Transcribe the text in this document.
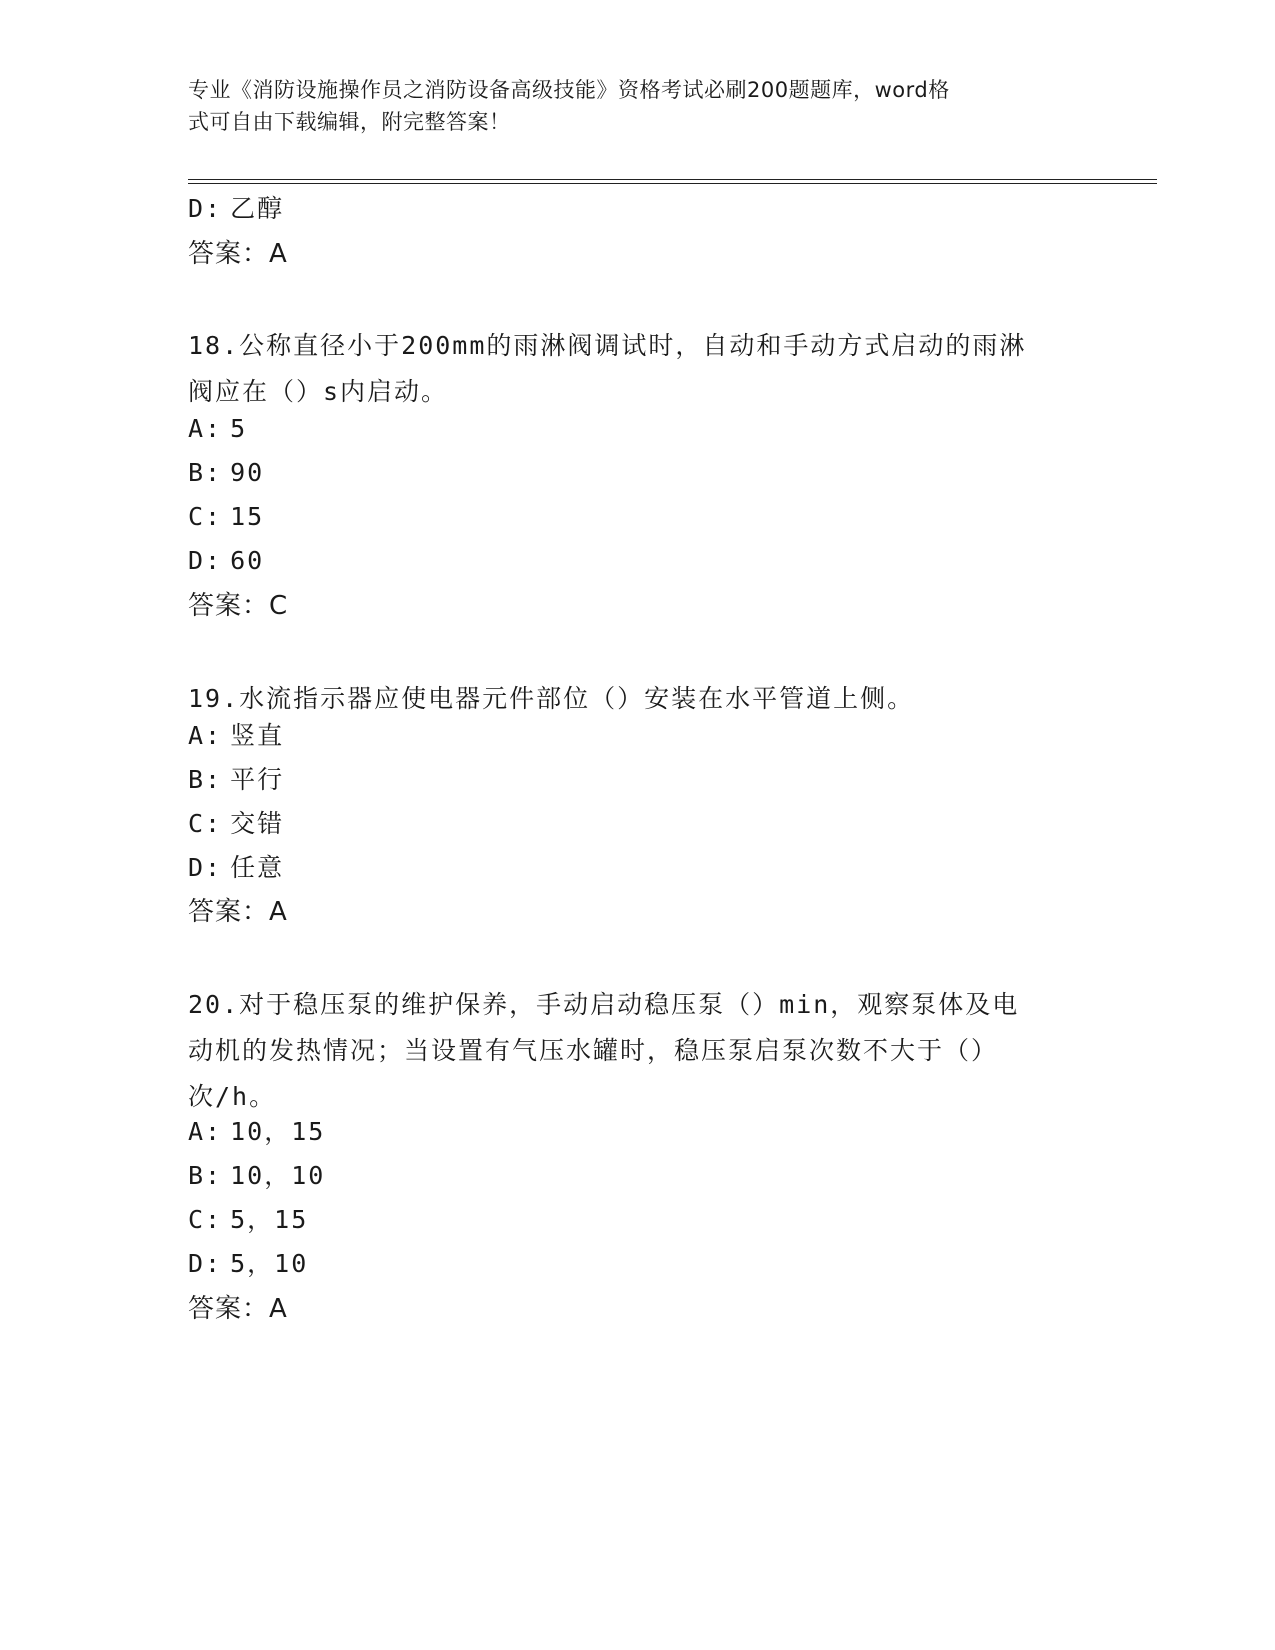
专业《消防设施操作员之消防设备高级技能》资格考试必刷200题题库，word格
式可自由下载编辑，附完整答案！
D: 乙醇
答案：A
18.公称直径小于200mm的雨淋阀调试时，自动和手动方式启动的雨淋
阀应在（）s内启动。
A: 5
B: 90
C: 15
D: 60
答案：C
19.水流指示器应使电器元件部位（）安装在水平管道上侧。
A: 竖直
B: 平行
C: 交错
D: 任意
答案：A
20.对于稳压泵的维护保养，手动启动稳压泵（）min，观察泵体及电
动机的发热情况；当设置有气压水罐时，稳压泵启泵次数不大于（）
次/h。
A: 10，15
B: 10，10
C: 5，15
D: 5，10
答案：A
